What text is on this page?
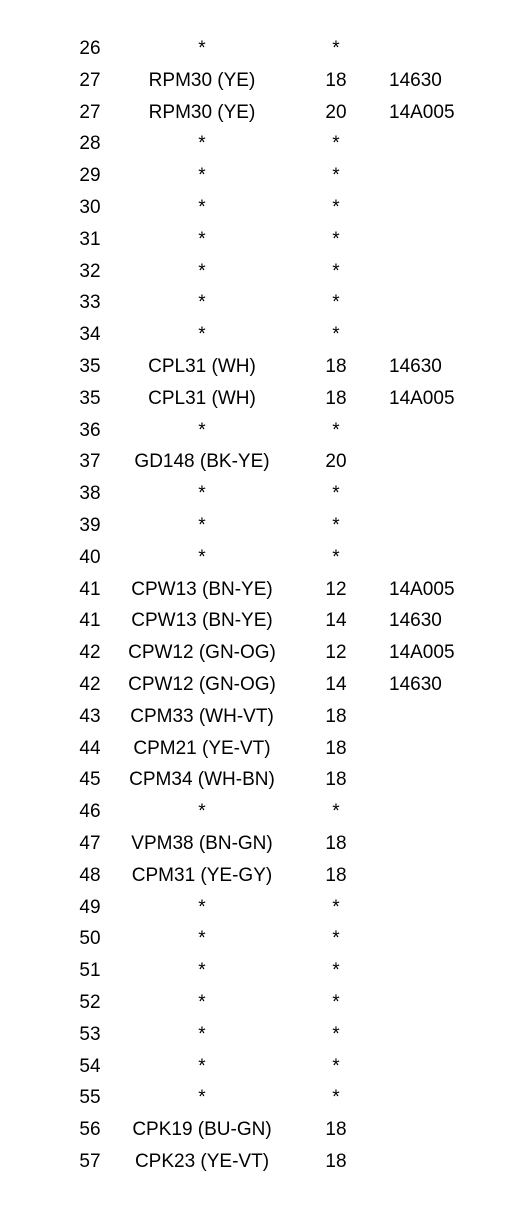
26	*	*
27	RPM30 (YE)	18	14630
27	RPM30 (YE)	20	14A005
28	*	*
29	*	*
30	*	*
31	*	*
32	*	*
33	*	*
34	*	*
35	CPL31 (WH)	18	14630
35	CPL31 (WH)	18	14A005
36	*	*
37	GD148 (BK-YE)	20
38	*	*
39	*	*
40	*	*
41	CPW13 (BN-YE)	12	14A005
41	CPW13 (BN-YE)	14	14630
42	CPW12 (GN-OG)	12	14A005
42	CPW12 (GN-OG)	14	14630
43	CPM33 (WH-VT)	18
44	CPM21 (YE-VT)	18
45	CPM34 (WH-BN)	18
46	*	*
47	VPM38 (BN-GN)	18
48	CPM31 (YE-GY)	18
49	*	*
50	*	*
51	*	*
52	*	*
53	*	*
54	*	*
55	*	*
56	CPK19 (BU-GN)	18
57	CPK23 (YE-VT)	18
